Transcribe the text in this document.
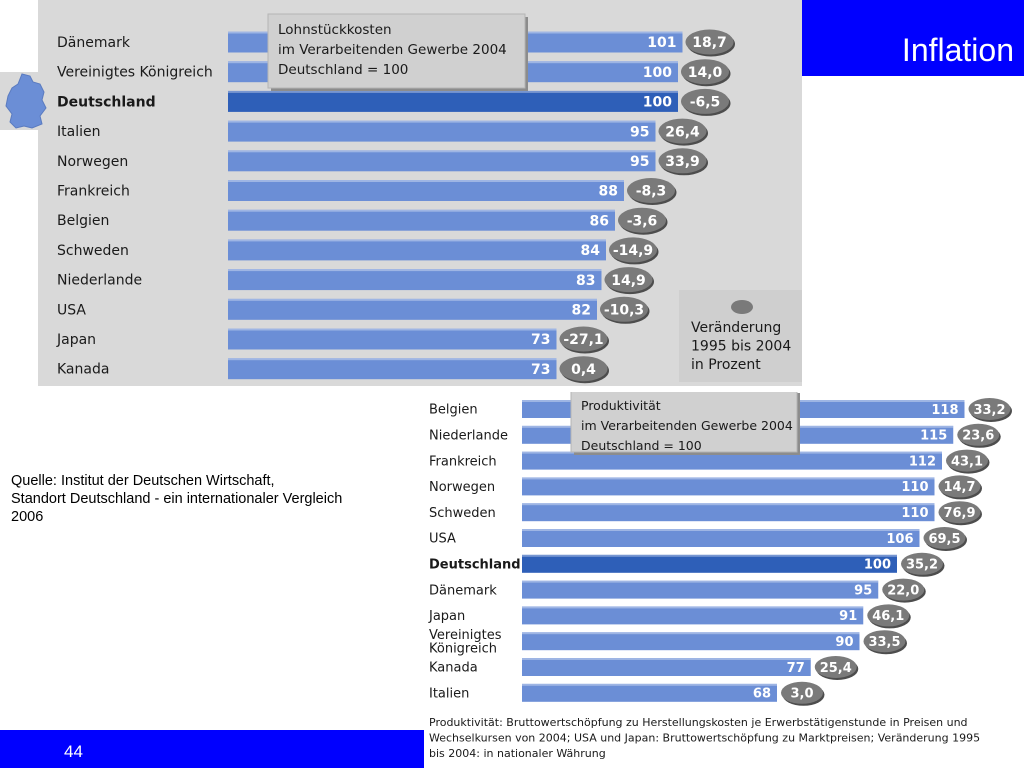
Dänemark	101 18,7
Vereinigtes Königreich	100 14,0
Deutschland	100 -6,5
Italien	95 26,4
Norwegen	95 33,9
Frankreich	88 -8,3
Belgien	86 -3,6
Schweden	84 -14,9
Niederlande	83 14,9
USA	82 -10,3
Japan	73 -27,1
Kanada	73 0,4
Lohnstückkosten
im Verarbeitenden Gewerbe 2004
Deutschland = 100
Veränderung
1995 bis 2004
in Prozent
Belgien	118 33,2
Niederlande	115 23,6
Frankreich	112 43,1
Norwegen	110 14,7
Schweden	110 76,9
USA	106 69,5
Deutschland	100 35,2
Dänemark	95 22,0
Japan	91 46,1
Vereinigtes Königreich	90 33,5
Kanada	77 25,4
Italien	68 3,0
Produktivität
im Verarbeitenden Gewerbe 2004
Deutschland = 100
Produktivität: Bruttowertschöpfung zu Herstellungskosten je Erwerbstätigenstunde in Preisen und
Wechselkursen von 2004; USA und Japan: Bruttowertschöpfung zu Marktpreisen; Veränderung 1995
bis 2004: in nationaler Währung
Inflation
Quelle: Institut der Deutschen Wirtschaft,
Standort Deutschland - ein internationaler Vergleich
2006
44
